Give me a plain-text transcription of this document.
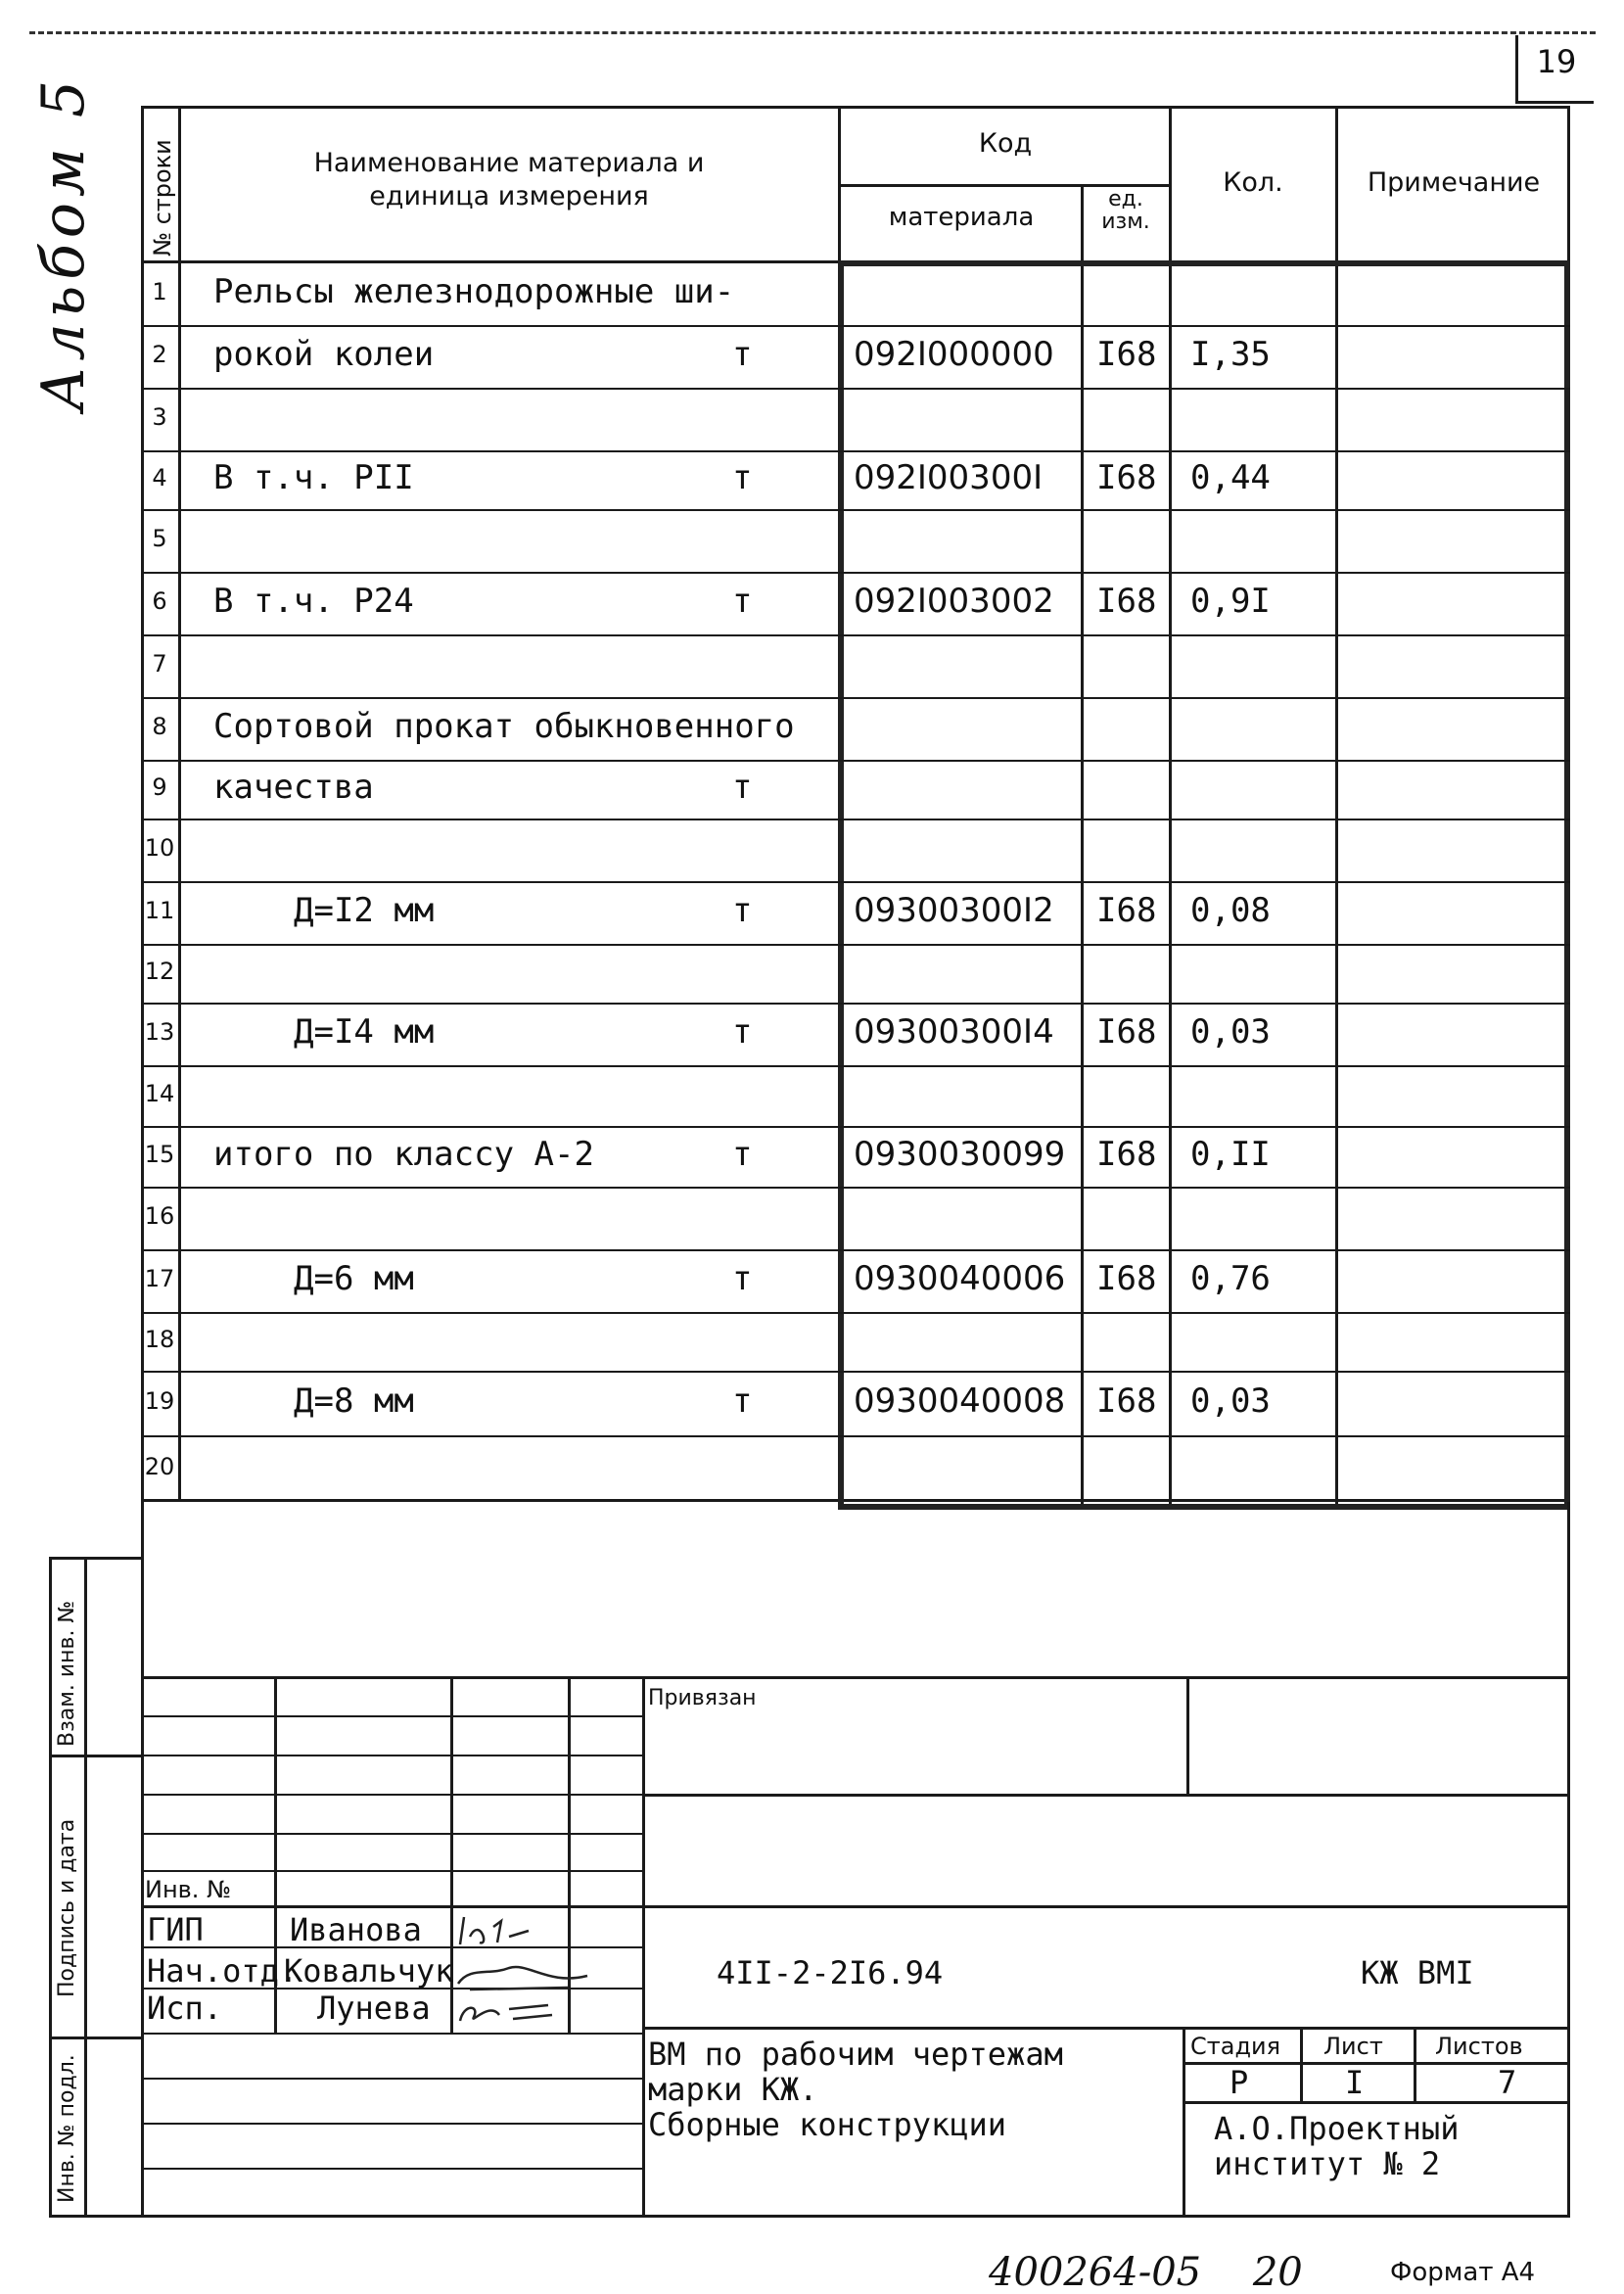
19
Альбом 5 № строки	Наименование материала и
единица измерения
Код
материала
ед.
изм.
Кол.	Примечание
1	Рельсы железнодорожные ши-
2	рокой колеи	т	092I000000 I68 I,35
3
4	В т.ч. PII	т	092I00300I I68 0,44
5
6	В т.ч. P24	т	092I003002 I68 0,9I
7
8	Сортовой прокат обыкновенного
9	качества	т
10
11	Д=I2 мм	т	09300300I2 I68 0,08
12
13	Д=I4 мм	т	09300300I4 I68 0,03
14
15 итого по классу А-2	т	0930030099 I68 0,II
16
17	Д=6 мм	т	0930040006 I68 0,76
18
19	Д=8 мм	т	0930040008 I68 0,03
20
Взам. инв. №
Подпись и дата
Инв. № подл.
Привязан
Инв. №
ГИП	Иванова
Нач.отд.
Ковальчук
Исп.	Лунева
4II-2-2I6.94	КЖ ВМI
ВМ по рабочим чертежам
марки КЖ.
Сборные конструкции
Стадия Лист Листов
Р	I	7
А.О.Проектный
институт № 2
400264-05 20	Формат А4
